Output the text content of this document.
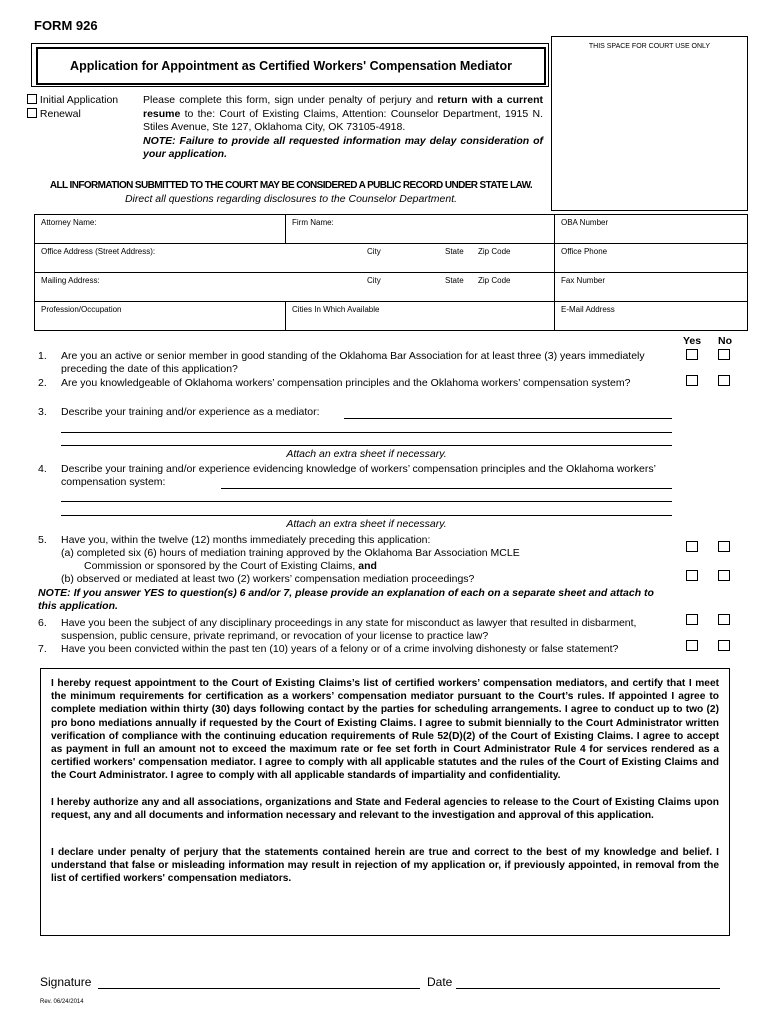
FORM 926
Application for Appointment as Certified Workers' Compensation Mediator
THIS SPACE FOR COURT USE ONLY
Initial Application
Renewal
Please complete this form, sign under penalty of perjury and return with a current resume to the: Court of Existing Claims, Attention: Counselor Department, 1915 N. Stiles Avenue, Ste 127, Oklahoma City, OK 73105-4918.
NOTE: Failure to provide all requested information may delay consideration of your application.
ALL INFORMATION SUBMITTED TO THE COURT MAY BE CONSIDERED A PUBLIC RECORD UNDER STATE LAW.
Direct all questions regarding disclosures to the Counselor Department.
Attorney Name:	Firm Name:	OBA Number
Office Address (Street Address): City State Zip Code		Office Phone
Mailing Address: City State Zip Code		Fax Number
Profession/Occupation	Cities In Which Available	E-Mail Address
Yes No
1. Are you an active or senior member in good standing of the Oklahoma Bar Association for at least three (3) years immediately preceding the date of this application?
2. Are you knowledgeable of Oklahoma workers’ compensation principles and the Oklahoma workers’ compensation system?
3. Describe your training and/or experience as a mediator:
Attach an extra sheet if necessary.
4. Describe your training and/or experience evidencing knowledge of workers’ compensation principles and the Oklahoma workers’ compensation system:
Attach an extra sheet if necessary.
5. Have you, within the twelve (12) months immediately preceding this application:
(a) completed six (6) hours of mediation training approved by the Oklahoma Bar Association MCLE
Commission or sponsored by the Court of Existing Claims, and
(b) observed or mediated at least two (2) workers’ compensation mediation proceedings?
NOTE: If you answer YES to question(s) 6 and/or 7, please provide an explanation of each on a separate sheet and attach to this application.
6. Have you been the subject of any disciplinary proceedings in any state for misconduct as lawyer that resulted in disbarment, suspension, public censure, private reprimand, or revocation of your license to practice law?
7. Have you been convicted within the past ten (10) years of a felony or of a crime involving dishonesty or false statement?

I hereby request appointment to the Court of Existing Claims’s list of certified workers’ compensation mediators, and certify that I meet the minimum requirements for certification as a workers’ compensation mediator pursuant to the Court’s rules. If appointed I agree to complete mediation within thirty (30) days following contact by the parties for scheduling arrangements. I agree to conduct up to two (2) pro bono mediations annually if requested by the Court of Existing Claims. I agree to submit biennially to the Court Administrator written verification of compliance with the continuing education requirements of Rule 52(D)(2) of the Court of Existing Claims. I agree to accept as payment in full an amount not to exceed the maximum rate or fee set forth in Court Administrator Rule 4 for services rendered as a certified workers' compensation mediator. I agree to comply with all applicable statutes and the rules of the Court of Existing Claims and the Court Administrator. I agree to comply with all applicable standards of impartiality and confidentiality.

I hereby authorize any and all associations, organizations and State and Federal agencies to release to the Court of Existing Claims upon request, any and all documents and information necessary and relevant to the investigation and approval of this application.

I declare under penalty of perjury that the statements contained herein are true and correct to the best of my knowledge and belief. I understand that false or misleading information may result in rejection of my application or, if previously appointed, in removal from the list of certified workers' compensation mediators.

Signature	Date
Rev. 06/24/2014
